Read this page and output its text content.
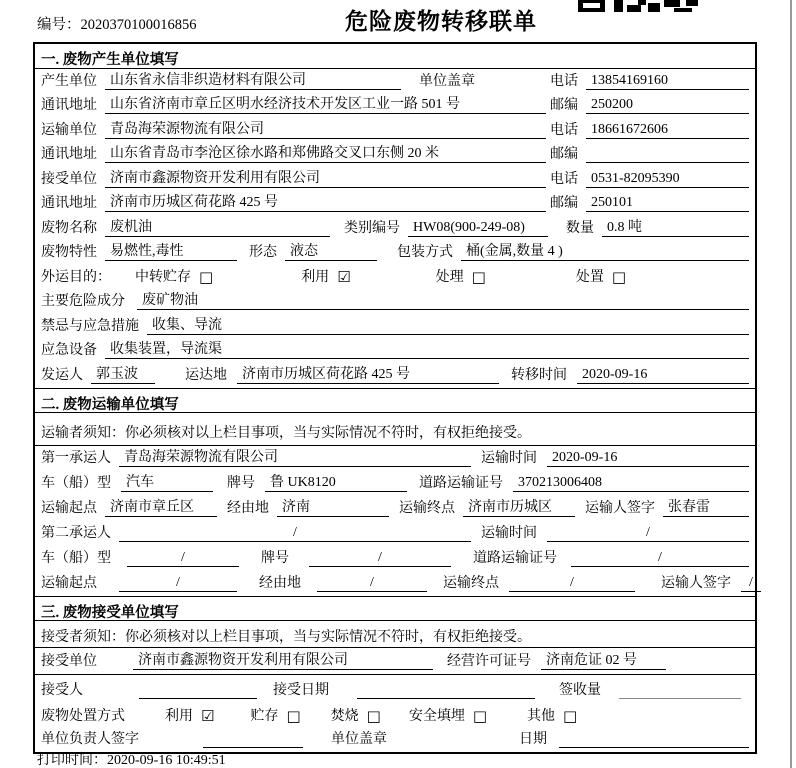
编号：2020370100016856	危险废物转移联单
一. 废物产生单位填写
产生单位 山东省永信非织造材料有限公司	单位盖章	电话 13854169160
通讯地址 山东省济南市章丘区明水经济技术开发区工业一路 501 号	邮编 250200
运输单位 青岛海荣源物流有限公司	电话 18661672606
通讯地址 山东省青岛市李沧区徐水路和郑佛路交叉口东侧 20 米	邮编
接受单位 济南市鑫源物资开发利用有限公司	电话 0531-82095390
通讯地址 济南市历城区荷花路 425 号	邮编 250101
废物名称 废机油	类别编号 HW08(900-249-08)	数量 0.8 吨
废物特性 易燃性,毒性	形态 液态	包装方式 桶(金属,数量 4 )
外运目的： 中转贮存 □	利用 ☑	处理 □	处置 □
主要危险成分	废矿物油
禁忌与应急措施 收集、导流
应急设备 收集装置，导流渠
发运人 郭玉波	运达地	济南市历城区荷花路 425 号	转移时间	2020-09-16
二. 废物运输单位填写
运输者须知：你必须核对以上栏目事项，当与实际情况不符时，有权拒绝接受。
第一承运人 青岛海荣源物流有限公司	运输时间	2020-09-16
车（船）型	汽车	牌号	鲁 UK8120	道路运输证号	370213006408
运输起点 济南市章丘区	经由地 济南	运输终点 济南市历城区	运输人签字 张春雷
第二承运人	/	运输时间	/
车（船）型	/	牌号	/	道路运输证号	/
运输起点	/	经由地	/	运输终点	/	运输人签字	/
三. 废物接受单位填写
接受者须知：你必须核对以上栏目事项，当与实际情况不符时，有权拒绝接受。
接受单位	济南市鑫源物资开发利用有限公司	经营许可证号	济南危证 02 号
接受人	接受日期	签收量
废物处置方式	利用 ☑	贮存 □ 焚烧 □ 安全填埋 □	其他 □
单位负责人签字	单位盖章	日期
打印时间：2020-09-16 10:49:51
